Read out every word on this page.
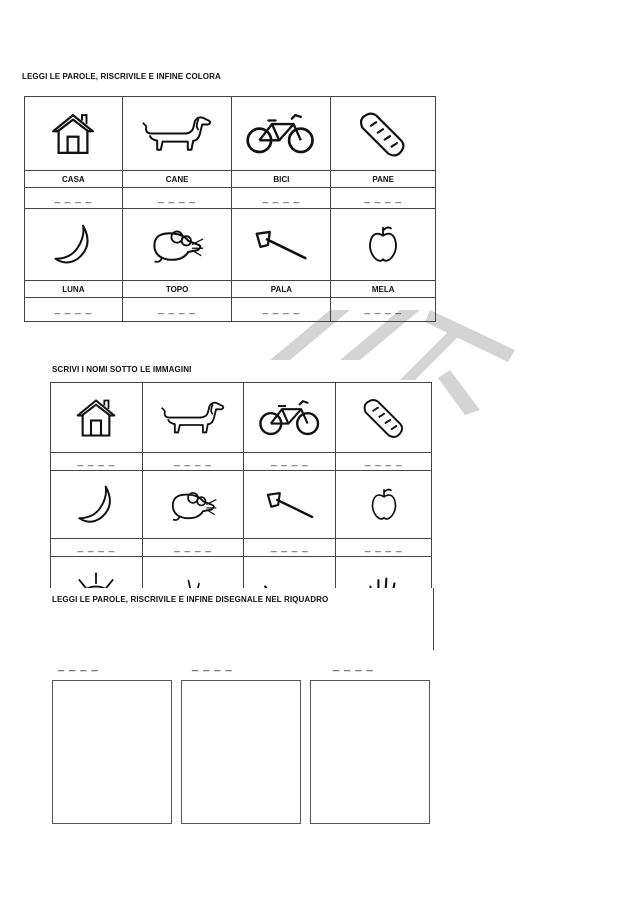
LEGGI LE PAROLE, RISCRIVILE E INFINE COLORA

CASA	CANE	BICI	PANE
_ _ _ _	_ _ _ _	_ _ _ _	_ _ _ _

LUNA	TOPO	PALA	MELA
_ _ _ _	_ _ _ _	_ _ _ _	_ _ _ _
SCRIVI I NOMI SOTTO LE IMMAGINI

_ _ _ _	_ _ _ _	_ _ _ _	_ _ _ _

_ _ _ _	_ _ _ _	_ _ _ _	_ _ _ _

LEGGI LE PAROLE, RISCRIVILE E INFINE DISEGNALE NEL RIQUADRO
_ _ _ _	_ _ _ _	_ _ _ _
